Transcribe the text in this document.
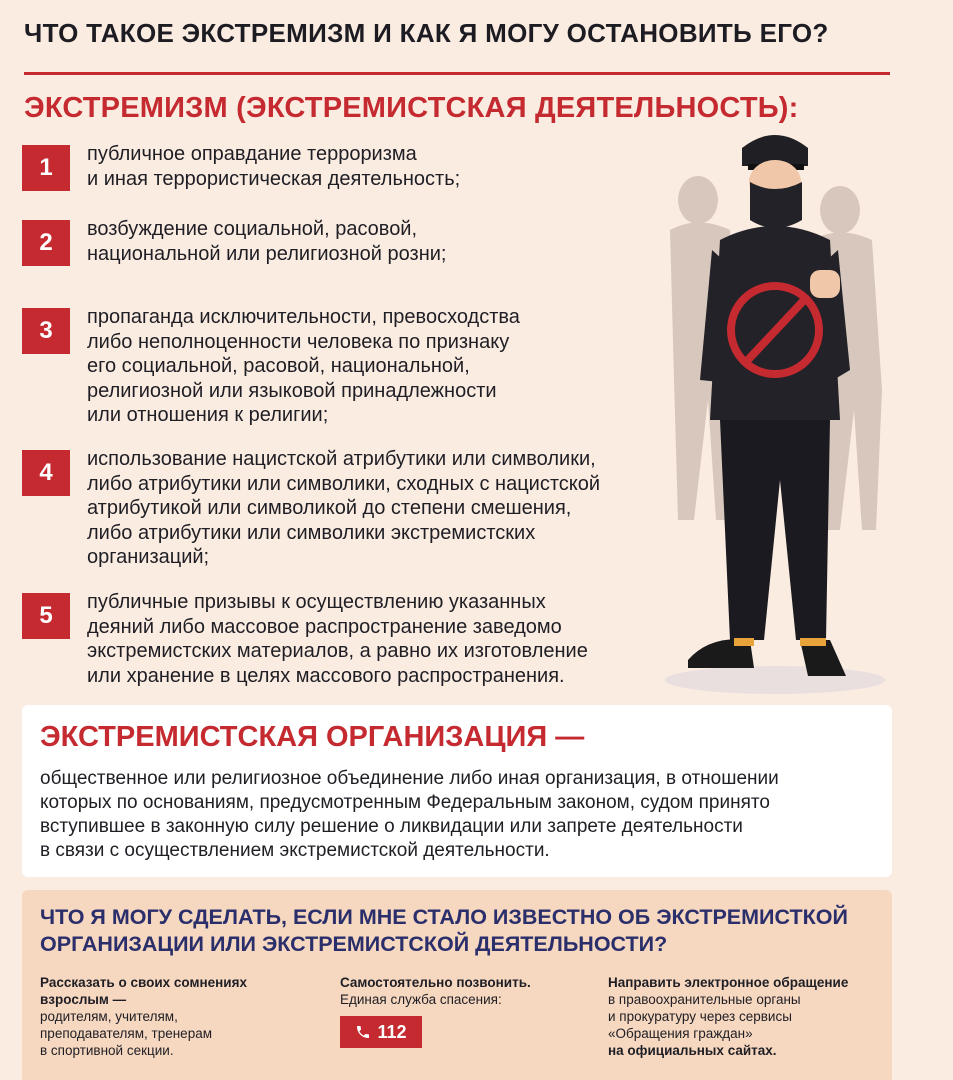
ЧТО ТАКОЕ ЭКСТРЕМИЗМ И КАК Я МОГУ ОСТАНОВИТЬ ЕГО?
ЭКСТРЕМИЗМ (ЭКСТРЕМИСТСКАЯ ДЕЯТЕЛЬНОСТЬ):
1	публичное оправдание терроризма
и иная террористическая деятельность;
2	возбуждение социальной, расовой,
национальной или религиозной розни;
3	пропаганда исключительности, превосходства
либо неполноценности человека по признаку
его социальной, расовой, национальной,
религиозной или языковой принадлежности
или отношения к религии;
4	использование нацистской атрибутики или символики,
либо атрибутики или символики, сходных с нацистской
атрибутикой или символикой до степени смешения,
либо атрибутики или символики экстремистских
организаций;
5	публичные призывы к осуществлению указанных
деяний либо массовое распространение заведомо
экстремистских материалов, а равно их изготовление
или хранение в целях массового распространения.
ЭКСТРЕМИСТСКАЯ ОРГАНИЗАЦИЯ —
общественное или религиозное объединение либо иная организация, в отношении
которых по основаниям, предусмотренным Федеральным законом, судом принято
вступившее в законную силу решение о ликвидации или запрете деятельности
в связи с осуществлением экстремистской деятельности.
ЧТО Я МОГУ СДЕЛАТЬ, ЕСЛИ МНЕ СТАЛО ИЗВЕСТНО ОБ ЭКСТРЕМИСТКОЙ
ОРГАНИЗАЦИИ ИЛИ ЭКСТРЕМИСТСКОЙ ДЕЯТЕЛЬНОСТИ?
Рассказать о своих сомнениях
взрослым —
родителям, учителям,
преподавателям, тренерам
в спортивной секции.
Самостоятельно позвонить.
Единая служба спасения:
112
Направить электронное обращение
в правоохранительные органы
и прокуратуру через сервисы
«Обращения граждан»
на официальных сайтах.
